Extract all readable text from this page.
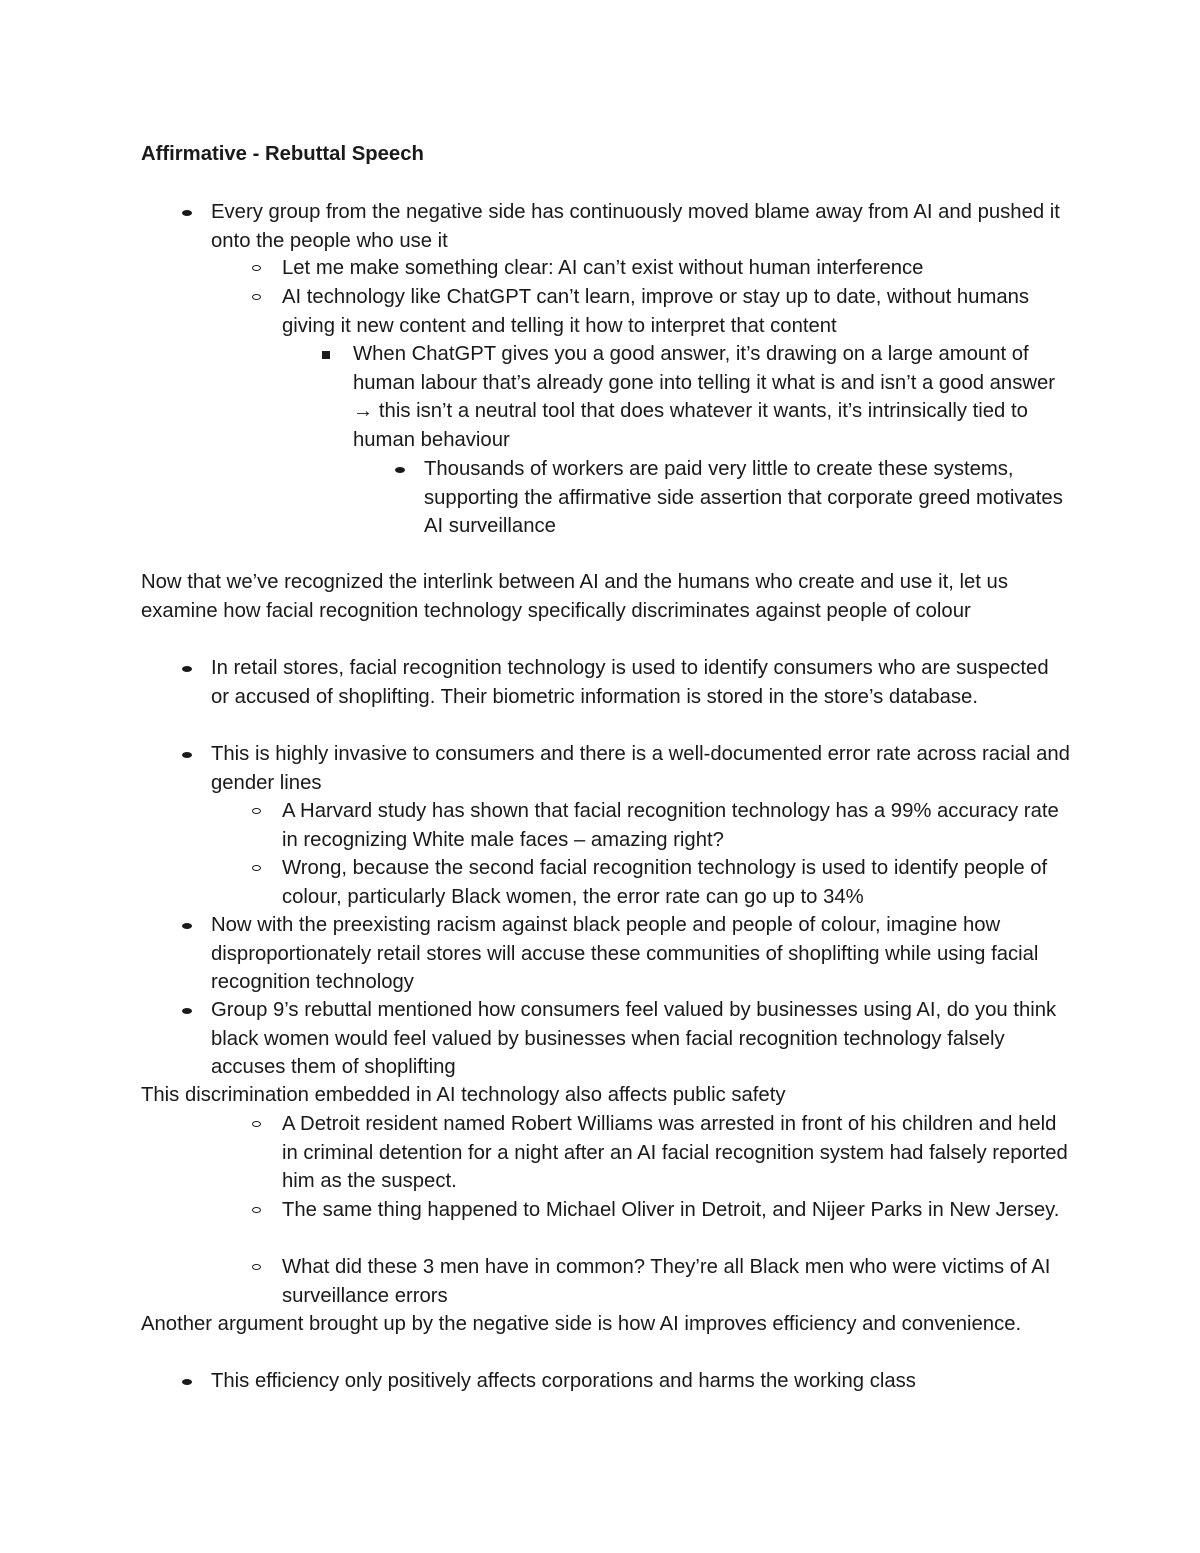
Affirmative - Rebuttal Speech
Every group from the negative side has continuously moved blame away from AI and pushed it onto the people who use it
Let me make something clear: AI can’t exist without human interference
AI technology like ChatGPT can’t learn, improve or stay up to date, without humans giving it new content and telling it how to interpret that content
When ChatGPT gives you a good answer, it’s drawing on a large amount of human labour that’s already gone into telling it what is and isn’t a good answer → this isn’t a neutral tool that does whatever it wants, it’s intrinsically tied to human behaviour
Thousands of workers are paid very little to create these systems, supporting the affirmative side assertion that corporate greed motivates AI surveillance
Now that we’ve recognized the interlink between AI and the humans who create and use it, let us examine how facial recognition technology specifically discriminates against people of colour
In retail stores, facial recognition technology is used to identify consumers who are suspected or accused of shoplifting. Their biometric information is stored in the store’s database.
This is highly invasive to consumers and there is a well-documented error rate across racial and gender lines
A Harvard study has shown that facial recognition technology has a 99% accuracy rate in recognizing White male faces – amazing right?
Wrong, because the second facial recognition technology is used to identify people of colour, particularly Black women, the error rate can go up to 34%
Now with the preexisting racism against black people and people of colour, imagine how disproportionately retail stores will accuse these communities of shoplifting while using facial recognition technology
Group 9’s rebuttal mentioned how consumers feel valued by businesses using AI, do you think black women would feel valued by businesses when facial recognition technology falsely accuses them of shoplifting
This discrimination embedded in AI technology also affects public safety
A Detroit resident named Robert Williams was arrested in front of his children and held in criminal detention for a night after an AI facial recognition system had falsely reported him as the suspect.
The same thing happened to Michael Oliver in Detroit, and Nijeer Parks in New Jersey.
What did these 3 men have in common? They’re all Black men who were victims of AI surveillance errors
Another argument brought up by the negative side is how AI improves efficiency and convenience.
This efficiency only positively affects corporations and harms the working class
